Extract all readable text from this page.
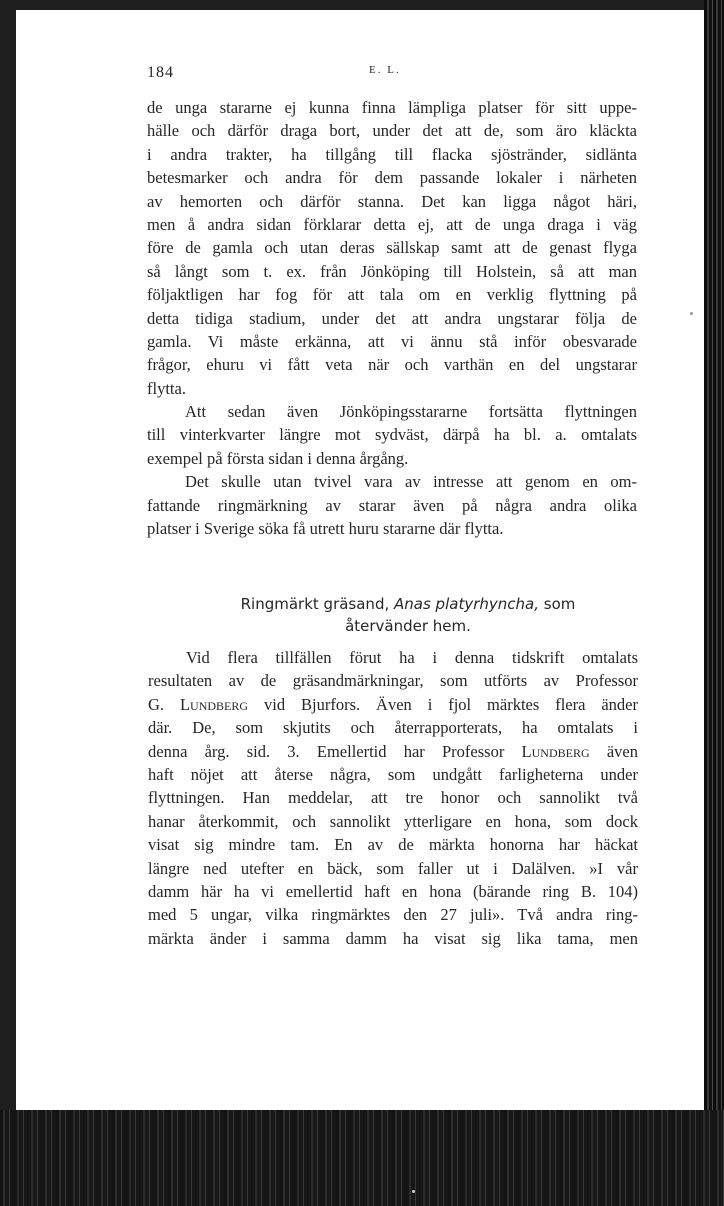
184	E. L.
de unga stararne ej kunna finna lämpliga platser för sitt uppe-
hälle och därför draga bort, under det att de, som äro kläckta
i andra trakter, ha tillgång till flacka sjöstränder, sidlänta
betesmarker och andra för dem passande lokaler i närheten
av hemorten och därför stanna. Det kan ligga något häri,
men å andra sidan förklarar detta ej, att de unga draga i väg
före de gamla och utan deras sällskap samt att de genast flyga
så långt som t. ex. från Jönköping till Holstein, så att man
följaktligen har fog för att tala om en verklig flyttning på
detta tidiga stadium, under det att andra ungstarar följa de
gamla. Vi måste erkänna, att vi ännu stå inför obesvarade
frågor, ehuru vi fått veta när och varthän en del ungstarar
flytta.
Att sedan även Jönköpingsstararne fortsätta flyttningen
till vinterkvarter längre mot sydväst, därpå ha bl. a. omtalats
exempel på första sidan i denna årgång.
Det skulle utan tvivel vara av intresse att genom en om-
fattande ringmärkning av starar även på några andra olika
platser i Sverige söka få utrett huru stararne där flytta.
Ringmärkt gräsand, Anas platyrhyncha, som
återvänder hem.
Vid flera tillfällen förut ha i denna tidskrift omtalats
resultaten av de gräsandmärkningar, som utförts av Professor
G. Lundberg vid Bjurfors. Även i fjol märktes flera änder
där. De, som skjutits och återrapporterats, ha omtalats i
denna årg. sid. 3. Emellertid har Professor Lundberg även
haft nöjet att återse några, som undgått farligheterna under
flyttningen. Han meddelar, att tre honor och sannolikt två
hanar återkommit, och sannolikt ytterligare en hona, som dock
visat sig mindre tam. En av de märkta honorna har häckat
längre ned utefter en bäck, som faller ut i Dalälven. »I vår
damm här ha vi emellertid haft en hona (bärande ring B. 104)
med 5 ungar, vilka ringmärktes den 27 juli». Två andra ring-
märkta änder i samma damm ha visat sig lika tama, men
